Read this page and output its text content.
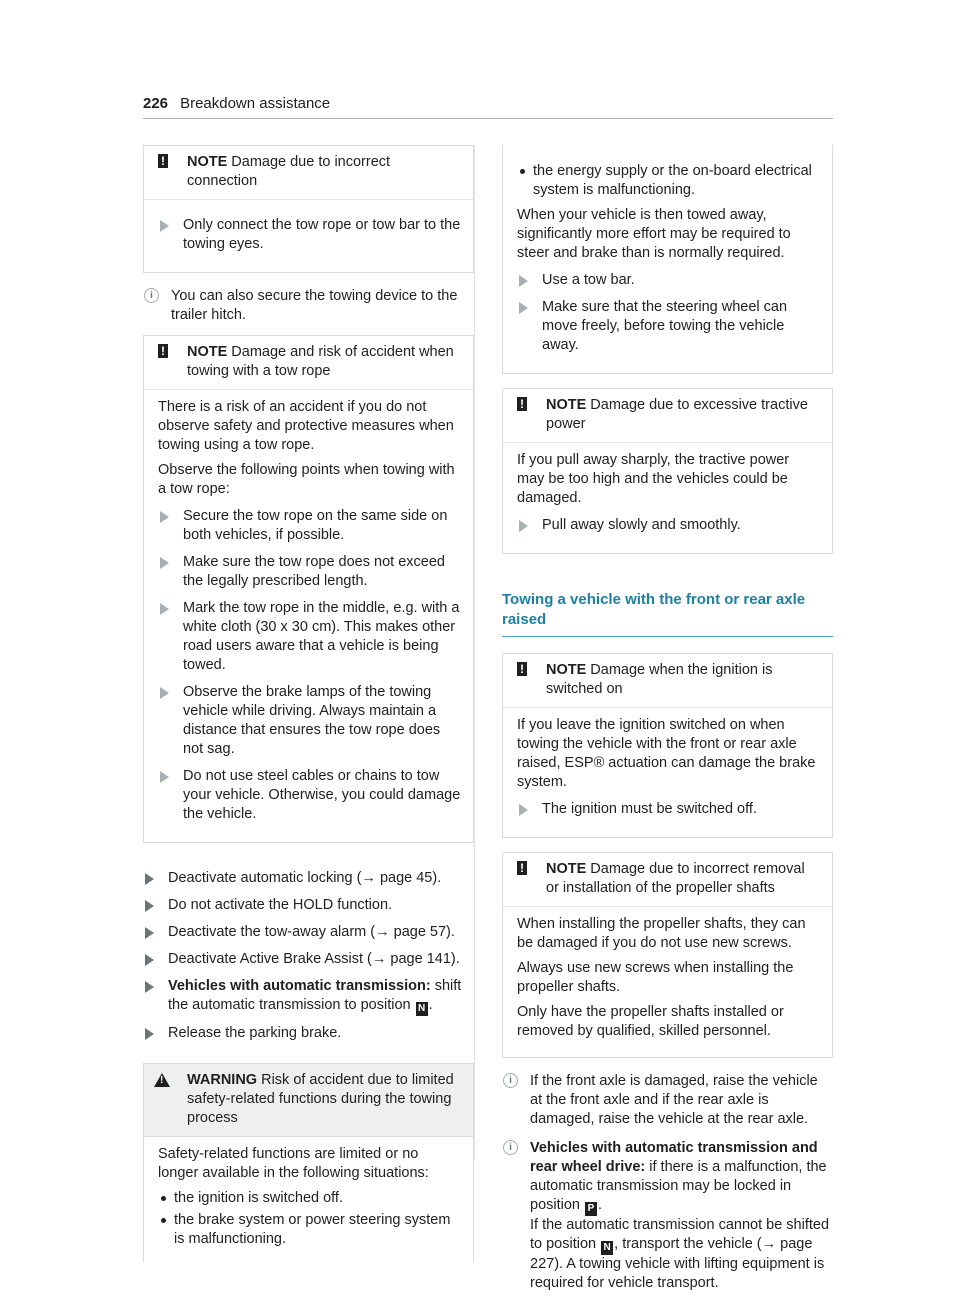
226 Breakdown assistance
! NOTE Damage due to incorrect connection
Only connect the tow rope or tow bar to the towing eyes.
i	You can also secure the towing device to the trailer hitch.
! NOTE Damage and risk of accident when towing with a tow rope

There is a risk of an accident if you do not observe safety and protective measures when towing using a tow rope.

Observe the following points when towing with a tow rope:

Secure the tow rope on the same side on both vehicles, if possible.
Make sure the tow rope does not exceed the legally prescribed length.
Mark the tow rope in the middle, e.g. with a white cloth (30 x 30 cm). This makes other road users aware that a vehicle is being towed.
Observe the brake lamps of the towing vehicle while driving. Always maintain a distance that ensures the tow rope does not sag.
Do not use steel cables or chains to tow your vehicle. Otherwise, you could damage the vehicle.
Deactivate automatic locking (→ page 45).
Do not activate the HOLD function.
Deactivate the tow-away alarm (→ page 57).
Deactivate Active Brake Assist (→ page 141).
Vehicles with automatic transmission: shift the automatic transmission to position N .
Release the parking brake.
! WARNING Risk of accident due to limited safety-related functions during the towing process

Safety-related functions are limited or no longer available in the following situations:

the ignition is switched off.
the brake system or power steering system is malfunctioning.
the energy supply or the on-board electrical system is malfunctioning.

When your vehicle is then towed away, significantly more effort may be required to steer and brake than is normally required.

Use a tow bar.
Make sure that the steering wheel can move freely, before towing the vehicle away.
! NOTE Damage due to excessive tractive power

If you pull away sharply, the tractive power may be too high and the vehicles could be damaged.

Pull away slowly and smoothly.
Towing a vehicle with the front or rear axle raised
! NOTE Damage when the ignition is switched on

If you leave the ignition switched on when towing the vehicle with the front or rear axle raised, ESP® actuation can damage the brake system.

The ignition must be switched off.
! NOTE Damage due to incorrect removal or installation of the propeller shafts

When installing the propeller shafts, they can be damaged if you do not use new screws.

Always use new screws when installing the propeller shafts.

Only have the propeller shafts installed or removed by qualified, skilled personnel.

i	If the front axle is damaged, raise the vehicle at the front axle and if the rear axle is damaged, raise the vehicle at the rear axle.
i	Vehicles with automatic transmission and rear wheel drive: if there is a malfunction, the automatic transmission may be locked in position P .
If the automatic transmission cannot be shifted to position N , transport the vehicle (→ page 227). A towing vehicle with lifting equipment is required for vehicle transport.
